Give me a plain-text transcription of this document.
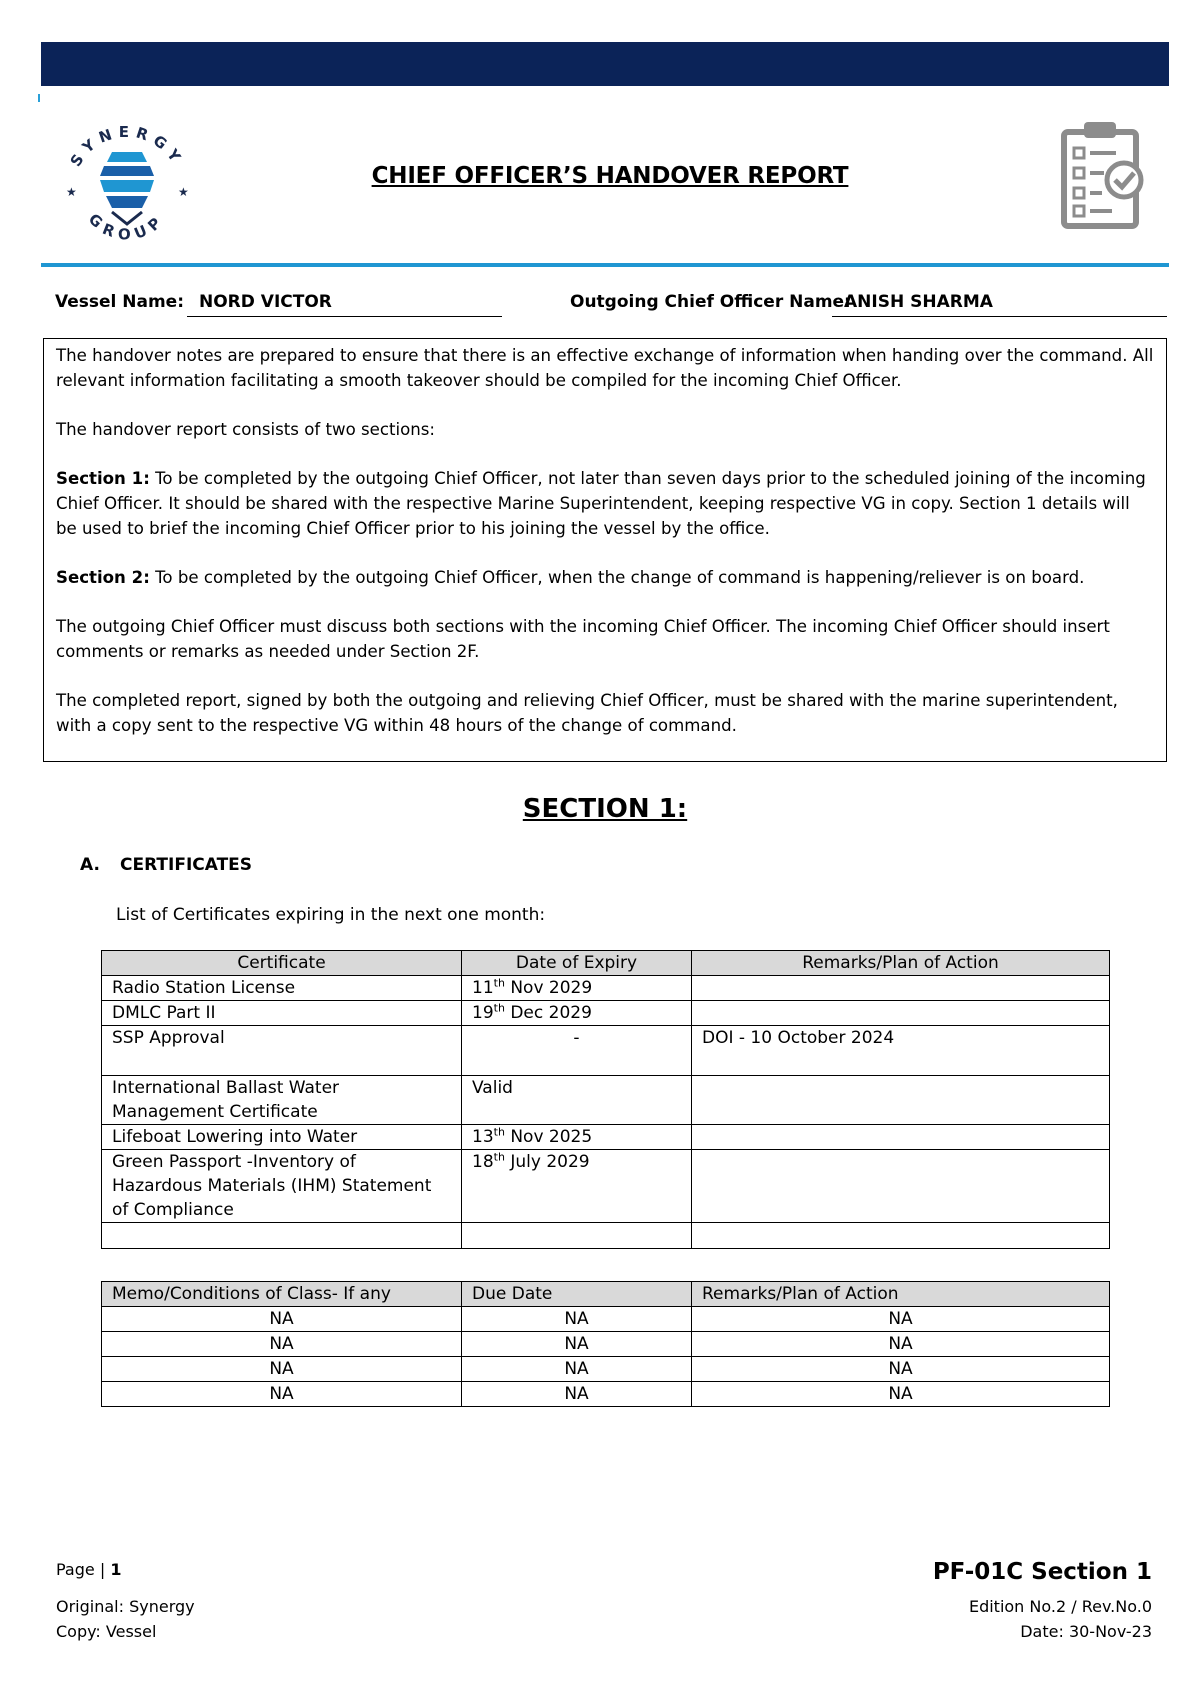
SYNERGY
GROUP
★	★
CHIEF OFFICER’S HANDOVER REPORT
Vessel Name: NORD VICTOR	Outgoing Chief Officer Name:
ANISH SHARMA

The handover notes are prepared to ensure that there is an effective exchange of information when handing over the command. All relevant information facilitating a smooth takeover should be compiled for the incoming Chief Officer.

The handover report consists of two sections:

Section 1: To be completed by the outgoing Chief Officer, not later than seven days prior to the scheduled joining of the incoming Chief Officer. It should be shared with the respective Marine Superintendent, keeping respective VG in copy. Section 1 details will be used to brief the incoming Chief Officer prior to his joining the vessel by the office.

Section 2: To be completed by the outgoing Chief Officer, when the change of command is happening/reliever is on board.

The outgoing Chief Officer must discuss both sections with the incoming Chief Officer. The incoming Chief Officer should insert comments or remarks as needed under Section 2F.

The completed report, signed by both the outgoing and relieving Chief Officer, must be shared with the marine superintendent, with a copy sent to the respective VG within 48 hours of the change of command.

SECTION 1:
A. CERTIFICATES
List of Certificates expiring in the next one month:
Certificate	Date of Expiry	Remarks/Plan of Action
Radio Station License	11th Nov 2029	
DMLC Part II	19th Dec 2029	
SSP Approval	-	DOI - 10 October 2024
International Ballast Water Management Certificate	Valid	
Lifeboat Lowering into Water	13th Nov 2025	
Green Passport -Inventory of Hazardous Materials (IHM) Statement of Compliance	18th July 2029	

Memo/Conditions of Class- If any	Due Date	Remarks/Plan of Action
NA	NA	NA
NA	NA	NA
NA	NA	NA
NA	NA	NA
Page | 1
Original: Synergy
Copy: Vessel
PF-01C Section 1
Edition No.2 / Rev.No.0
Date: 30-Nov-23
